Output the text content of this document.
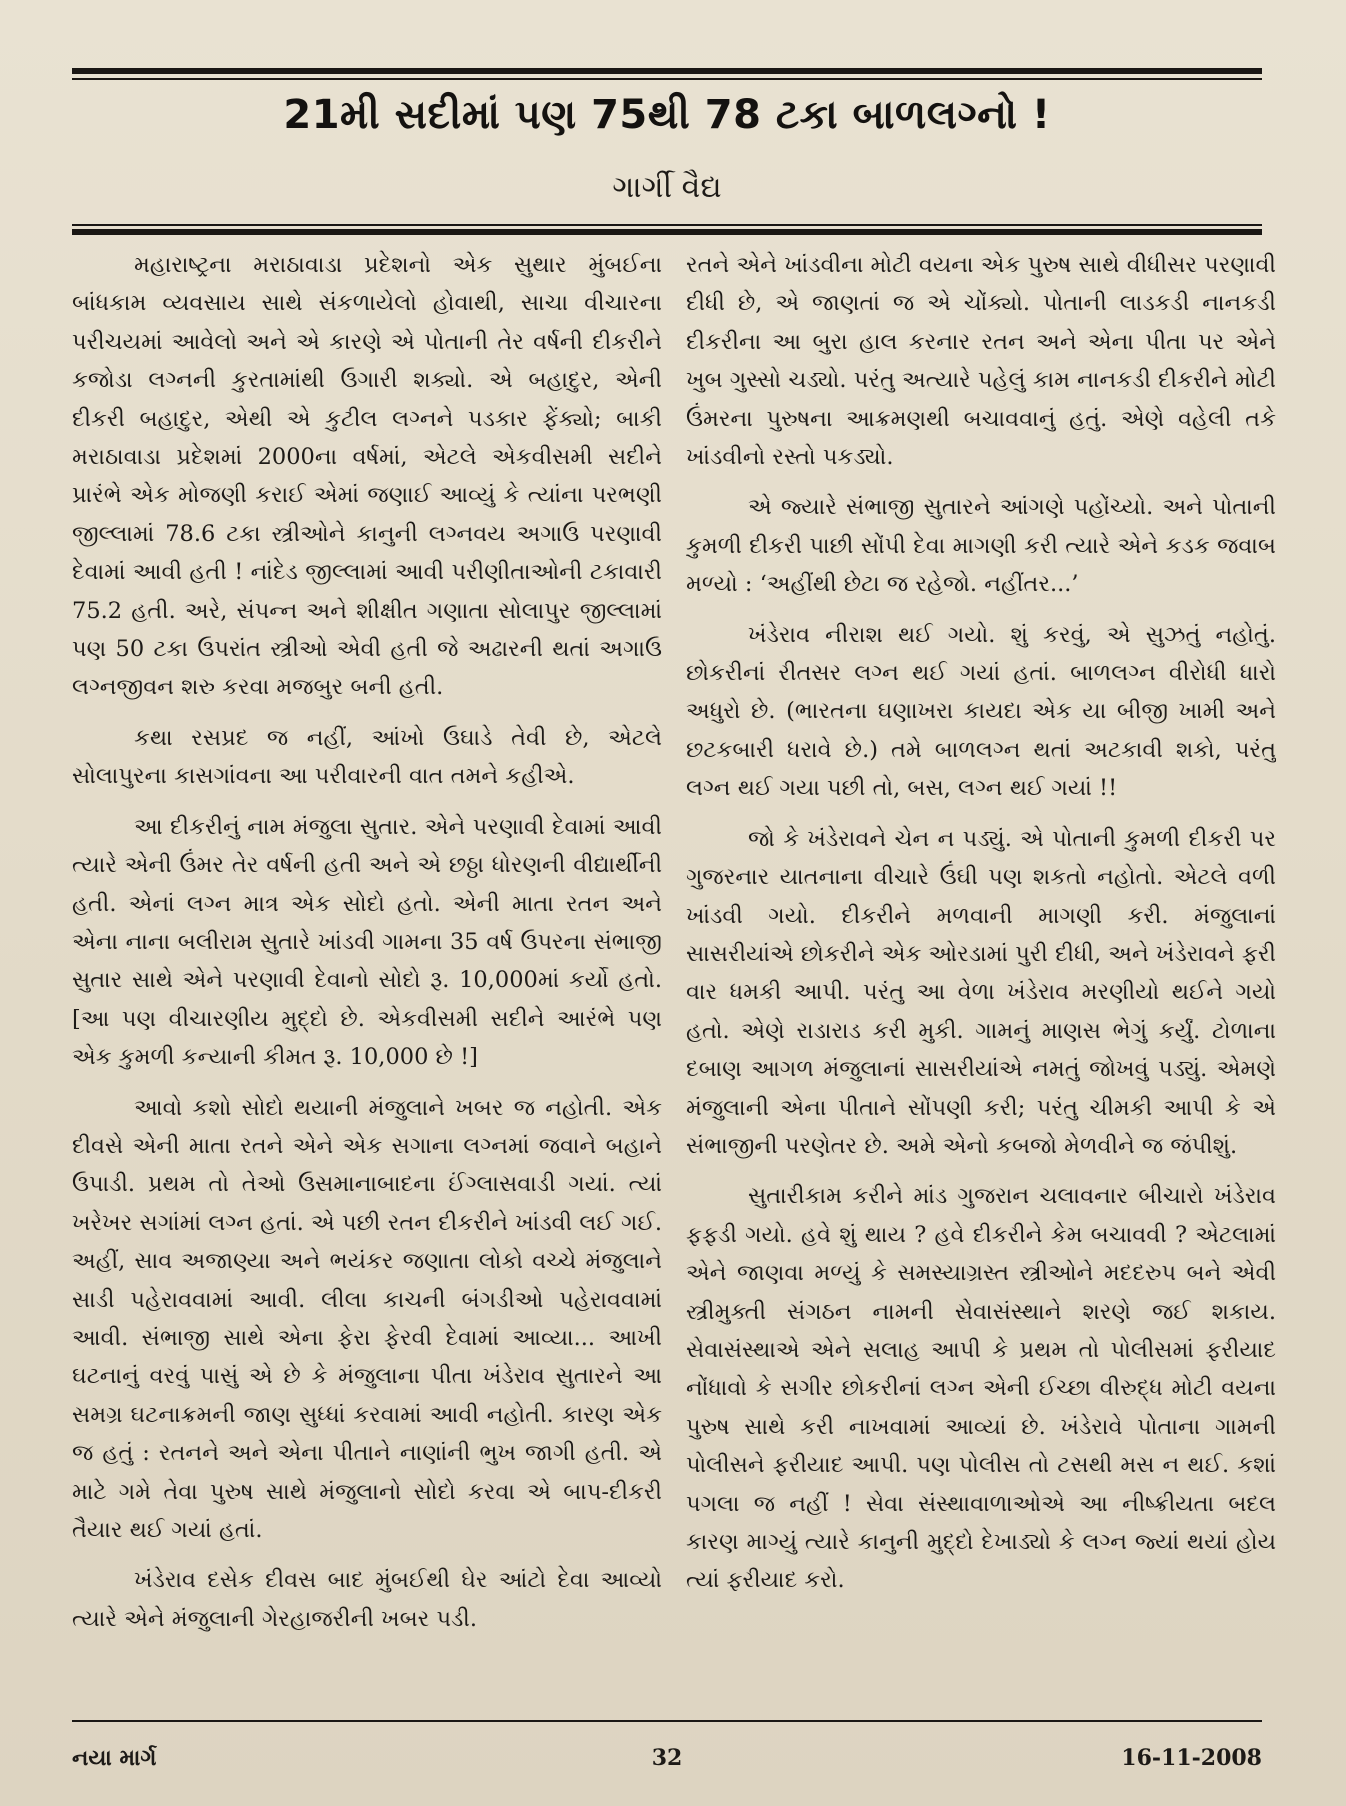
21મી સદીમાં પણ 75થી 78 ટકા બાળલગ્નો !
ગાર્ગી વૈદ્ય

મહારાષ્ટ્રના મરાઠાવાડા પ્રદેશનો એક સુથાર મુંબઈના બાંધકામ વ્યવસાય સાથે સંકળાયેલો હોવાથી, સાચા વીચારના પરીચયમાં આવેલો અને એ કારણે એ પોતાની તેર વર્ષની દીકરીને કજોડા લગ્નની કુરતામાંથી ઉગારી શક્યો. એ બહાદુર, એની દીકરી બહાદુર, એથી એ કુટીલ લગ્નને પડકાર ફેંક્યો; બાકી મરાઠાવાડા પ્રદેશમાં 2000ના વર્ષમાં, એટલે એકવીસમી સદીને પ્રારંભે એક મોજણી કરાઈ એમાં જણાઈ આવ્યું કે ત્યાંના પરભણી જીલ્લામાં 78.6 ટકા સ્ત્રીઓને કાનુની લગ્નવય અગાઉ પરણાવી દેવામાં આવી હતી ! નાંદેડ જીલ્લામાં આવી પરીણીતાઓની ટકાવારી 75.2 હતી. અરે, સંપન્ન અને શીક્ષીત ગણાતા સોલાપુર જીલ્લામાં પણ 50 ટકા ઉપરાંત સ્ત્રીઓ એવી હતી જે અઢારની થતાં અગાઉ લગ્નજીવન શરુ કરવા મજબુર બની હતી.

કથા રસપ્રદ જ નહીં, આંખો ઉઘાડે તેવી છે, એટલે સોલાપુરના કાસગાંવના આ પરીવારની વાત તમને કહીએ.

આ દીકરીનું નામ મંજુલા સુતાર. એને પરણાવી દેવામાં આવી ત્યારે એની ઉંમર તેર વર્ષની હતી અને એ છઠ્ઠા ધોરણની વીદ્યાર્થીની હતી. એનાં લગ્ન માત્ર એક સોદો હતો. એની માતા રતન અને એના નાના બલીરામ સુતારે ખાંડવી ગામના 35 વર્ષ ઉપરના સંભાજી સુતાર સાથે એને પરણાવી દેવાનો સોદો રૂ. 10,000માં કર્યો હતો. [આ પણ વીચારણીય મુદ્દો છે. એકવીસમી સદીને આરંભે પણ એક કુમળી કન્યાની કીમત રૂ. 10,000 છે !]

આવો કશો સોદો થયાની મંજુલાને ખબર જ નહોતી. એક દીવસે એની માતા રતને એને એક સગાના લગ્નમાં જવાને બહાને ઉપાડી. પ્રથમ તો તેઓ ઉસમાનાબાદના ઈંગ્લાસવાડી ગયાં. ત્યાં ખરેખર સગાંમાં લગ્ન હતાં. એ પછી રતન દીકરીને ખાંડવી લઈ ગઈ. અહીં, સાવ અજાણ્યા અને ભયંકર જણાતા લોકો વચ્ચે મંજુલાને સાડી પહેરાવવામાં આવી. લીલા કાચની બંગડીઓ પહેરાવવામાં આવી. સંભાજી સાથે એના ફેરા ફેરવી દેવામાં આવ્યા... આખી ઘટનાનું વરવું પાસું એ છે કે મંજુલાના પીતા ખંડેરાવ સુતારને આ સમગ્ર ઘટનાક્રમની જાણ સુધ્ધાં કરવામાં આવી નહોતી. કારણ એક જ હતું : રતનને અને એના પીતાને નાણાંની ભુખ જાગી હતી. એ માટે ગમે તેવા પુરુષ સાથે મંજુલાનો સોદો કરવા એ બાપ-દીકરી તૈયાર થઈ ગયાં હતાં.

ખંડેરાવ દસેક દીવસ બાદ મુંબઈથી ઘેર આંટો દેવા આવ્યો ત્યારે એને મંજુલાની ગેરહાજરીની ખબર પડી.

રતને એને ખાંડવીના મોટી વયના એક પુરુષ સાથે વીધીસર પરણાવી દીધી છે, એ જાણતાં જ એ ચોંક્યો. પોતાની લાડકડી નાનકડી દીકરીના આ બુરા હાલ કરનાર રતન અને એના પીતા પર એને ખુબ ગુસ્સો ચડ્યો. પરંતુ અત્યારે પહેલું કામ નાનકડી દીકરીને મોટી ઉંમરના પુરુષના આક્રમણથી બચાવવાનું હતું. એણે વહેલી તકે ખાંડવીનો રસ્તો પકડ્યો.

એ જ્યારે સંભાજી સુતારને આંગણે પહોંચ્યો. અને પોતાની કુમળી દીકરી પાછી સોંપી દેવા માગણી કરી ત્યારે એને કડક જવાબ મળ્યો : ‘અહીંથી છેટા જ રહેજો. નહીંતર...’

ખંડેરાવ નીરાશ થઈ ગયો. શું કરવું, એ સુઝતું નહોતું. છોકરીનાં રીતસર લગ્ન થઈ ગયાં હતાં. બાળલગ્ન વીરોધી ધારો અધુરો છે. (ભારતના ઘણાખરા કાયદા એક યા બીજી ખામી અને છટકબારી ધરાવે છે.) તમે બાળલગ્ન થતાં અટકાવી શકો, પરંતુ લગ્ન થઈ ગયા પછી તો, બસ, લગ્ન થઈ ગયાં !!

જો કે ખંડેરાવને ચેન ન પડ્યું. એ પોતાની કુમળી દીકરી પર ગુજરનાર યાતનાના વીચારે ઉંઘી પણ શકતો નહોતો. એટલે વળી ખાંડવી ગયો. દીકરીને મળવાની માગણી કરી. મંજુલાનાં સાસરીયાંએ છોકરીને એક ઓરડામાં પુરી દીધી, અને ખંડેરાવને ફરી વાર ધમકી આપી. પરંતુ આ વેળા ખંડેરાવ મરણીયો થઈને ગયો હતો. એણે રાડારાડ કરી મુકી. ગામનું માણસ ભેગું કર્યું. ટોળાના દબાણ આગળ મંજુલાનાં સાસરીયાંએ નમતું જોખવું પડ્યું. એમણે મંજુલાની એના પીતાને સોંપણી કરી; પરંતુ ચીમકી આપી કે એ સંભાજીની પરણેતર છે. અમે એનો કબજો મેળવીને જ જંપીશું.

સુતારીકામ કરીને માંડ ગુજરાન ચલાવનાર બીચારો ખંડેરાવ ફફડી ગયો. હવે શું થાય ? હવે દીકરીને કેમ બચાવવી ? એટલામાં એને જાણવા મળ્યું કે સમસ્યાગ્રસ્ત સ્ત્રીઓને મદદરુપ બને એવી સ્ત્રીમુક્તી સંગઠન નામની સેવાસંસ્થાને શરણે જઈ શકાય. સેવાસંસ્થાએ એને સલાહ આપી કે પ્રથમ તો પોલીસમાં ફરીયાદ નોંધાવો કે સગીર છોકરીનાં લગ્ન એની ઈચ્છા વીરુદ્ધ મોટી વયના પુરુષ સાથે કરી નાખવામાં આવ્યાં છે. ખંડેરાવે પોતાના ગામની પોલીસને ફરીયાદ આપી. પણ પોલીસ તો ટસથી મસ ન થઈ. કશાં પગલા જ નહીં ! સેવા સંસ્થાવાળાઓએ આ નીષ્ક્રીયતા બદલ કારણ માગ્યું ત્યારે કાનુની મુદ્દો દેખાડ્યો કે લગ્ન જ્યાં થયાં હોય ત્યાં ફરીયાદ કરો.

નયા માર્ગ	32	16-11-2008
